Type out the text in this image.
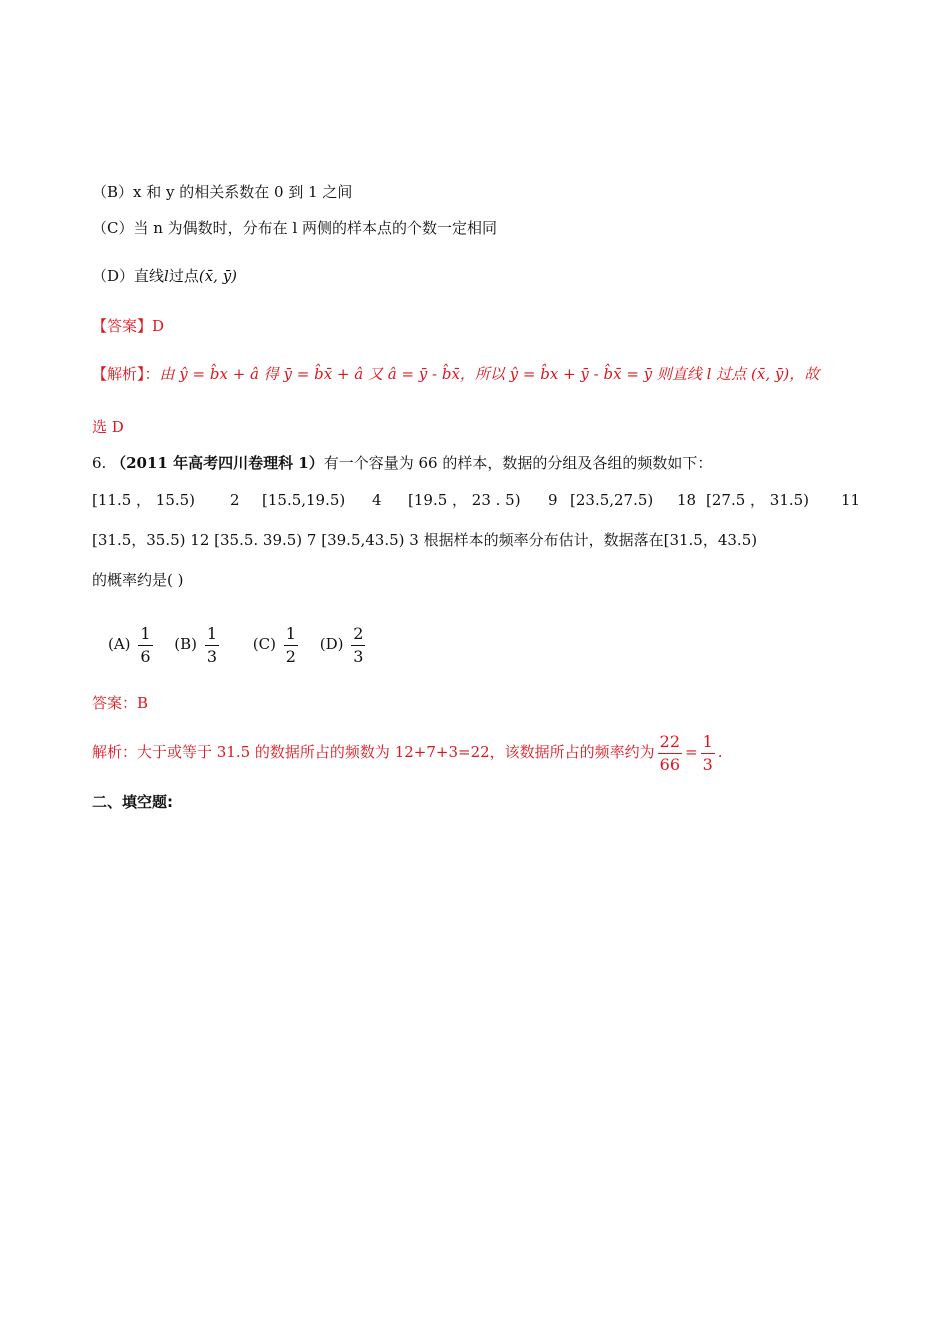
（B）x 和 y 的相关系数在 0 到 1 之间
（C）当 n 为偶数时，分布在 l 两侧的样本点的个数一定相同
（D）直线l过点(x̄, ȳ)
【答案】D
【解析】：由 ŷ = b̂x + â 得 ȳ = b̂x̄ + â 又 â = ȳ - b̂x̄，所以 ŷ = b̂x + ȳ - b̂x̄ = ȳ 则直线 l 过点 (x̄, ȳ)，故
选 D
6. （2011 年高考四川卷理科 1）有一个容量为 66 的样本，数据的分组及各组的频数如下：
[11.5 ， 15.5) 2 [15.5,19.5) 4 [19.5 ， 23 . 5) 9 [23.5,27.5) 18 [27.5 ， 31.5) 11
[31.5，35.5) 12 [35.5. 39.5) 7 [39.5,43.5) 3 根据样本的频率分布估计，数据落在[31.5，43.5)
的概率约是( )
$(A) \frac{1}{6} (B) \frac{1}{3} (C) \frac{1}{2} (D) \frac{2}{3}$
答案：B
解析：大于或等于 31.5 的数据所占的频数为 12+7+3=22，该数据所占的频率约为 $\frac{22}{66} = \frac{1}{3}$ .
二、填空题:
